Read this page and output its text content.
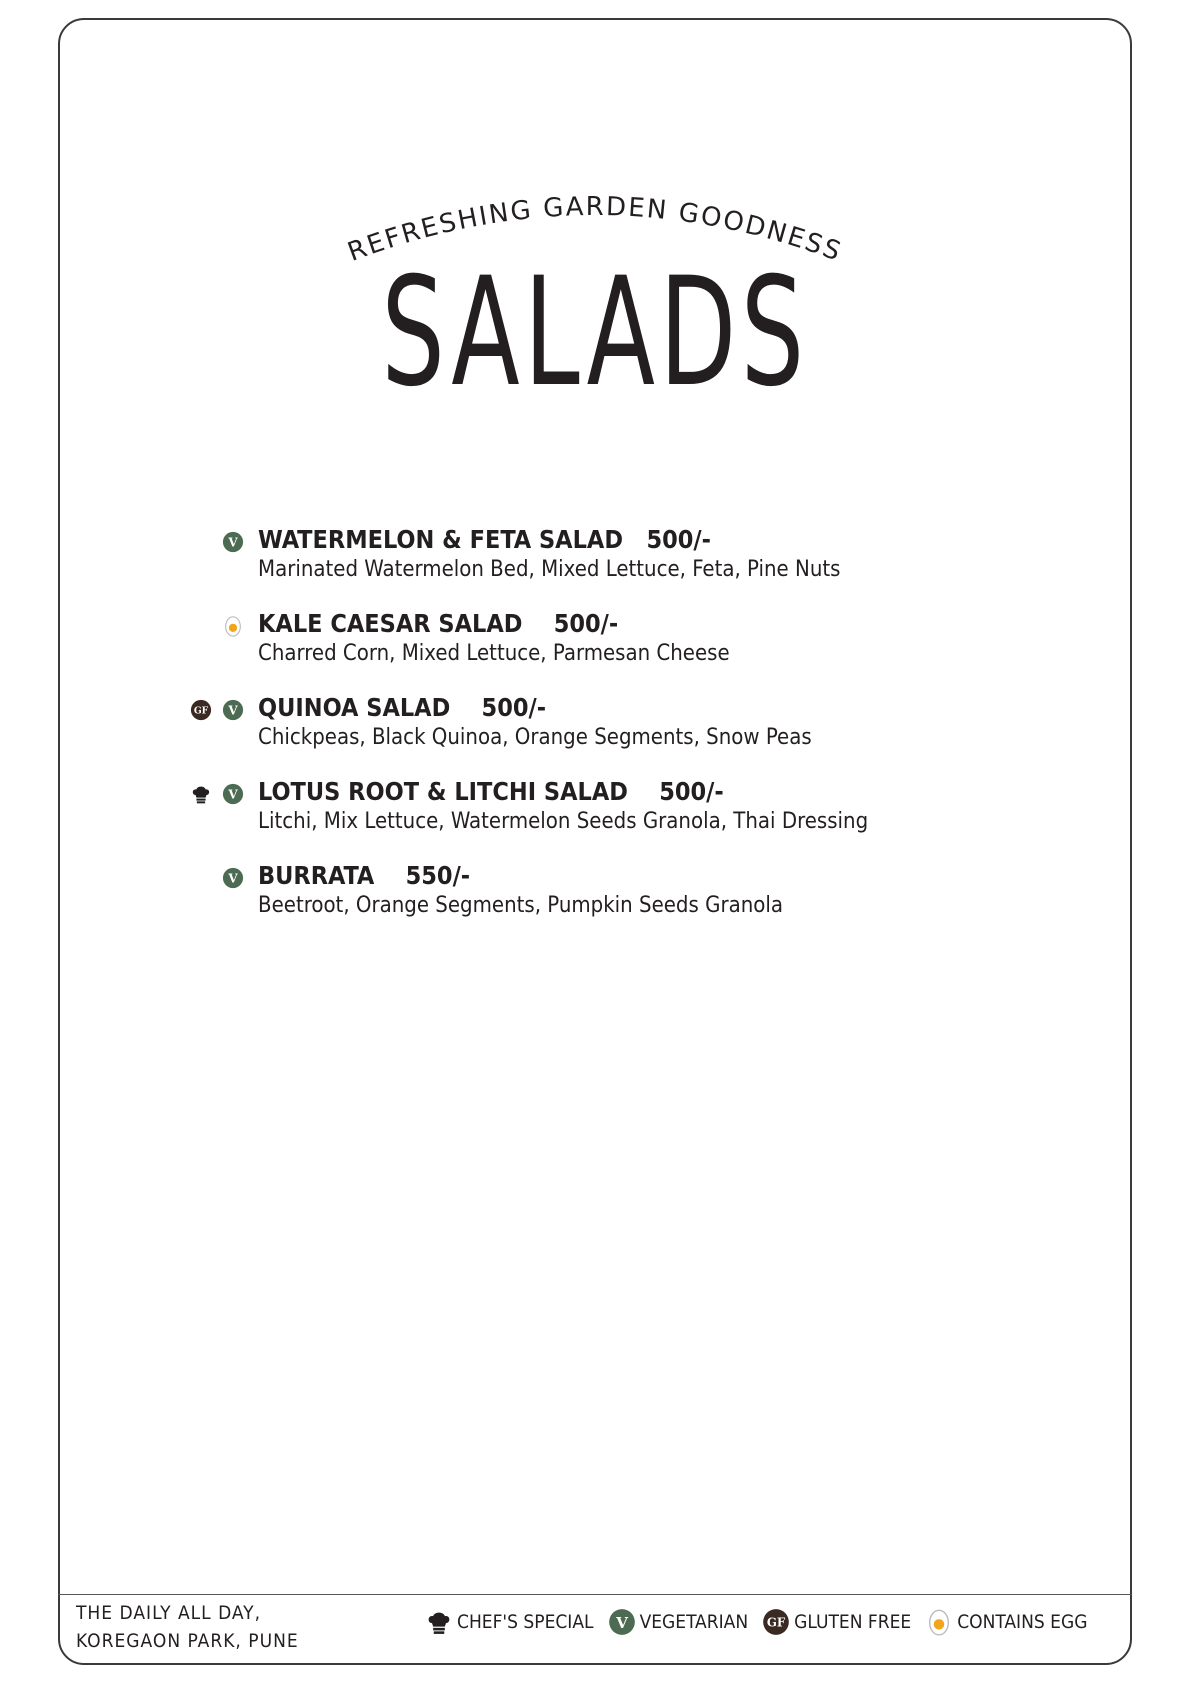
REFRESHING GARDEN GOODNESS
SALADS
V WATERMELON & FETA SALAD   500/-
Marinated Watermelon Bed, Mixed Lettuce, Feta, Pine Nuts
KALE CAESAR SALAD    500/-
Charred Corn, Mixed Lettuce, Parmesan Cheese
GF V QUINOA SALAD    500/-
Chickpeas, Black Quinoa, Orange Segments, Snow Peas
V LOTUS ROOT & LITCHI SALAD    500/-
Litchi, Mix Lettuce, Watermelon Seeds Granola, Thai Dressing
V BURRATA    550/-
Beetroot, Orange Segments, Pumpkin Seeds Granola
THE DAILY ALL DAY,
KOREGAON PARK, PUNE
CHEF'S SPECIAL V VEGETARIAN GF GLUTEN FREE CONTAINS EGG
